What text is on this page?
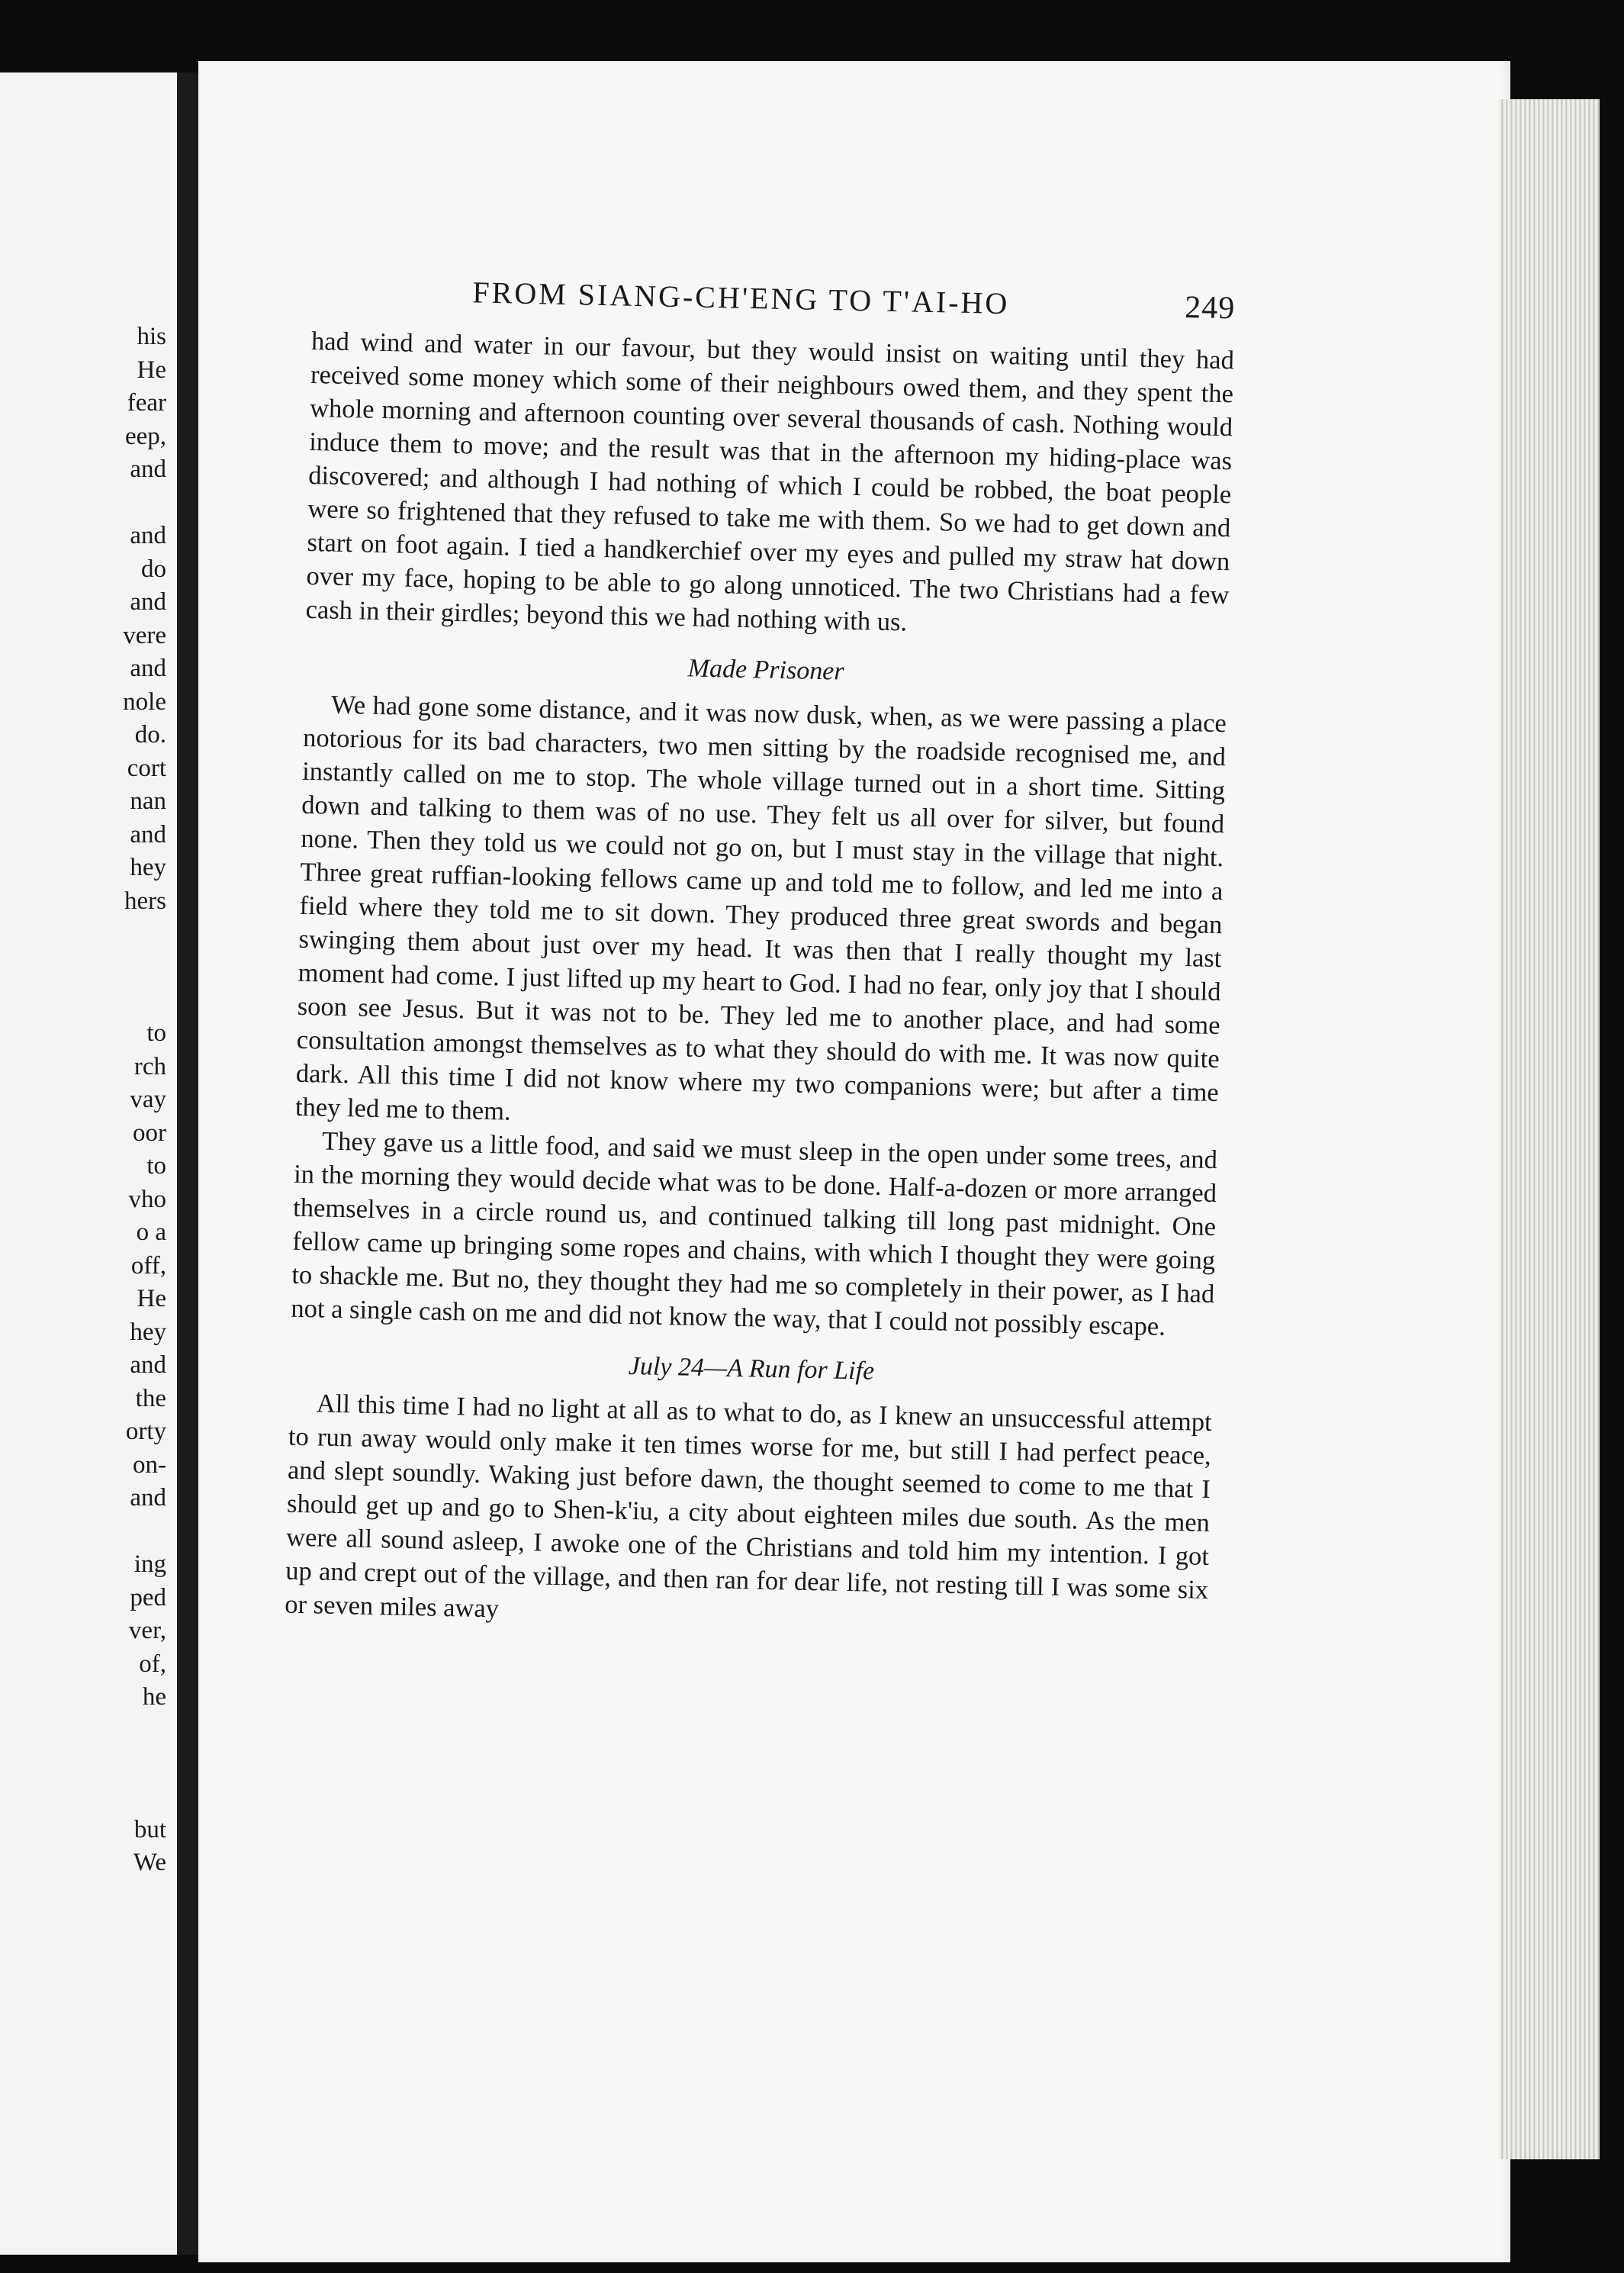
his
He
fear
eep,
and
and
do
and
vere
and
nole
do.
cort
nan
and
hey
hers
to
rch
vay
oor
to
vho
o a
off,
He
hey
and
the
orty
on-
and
ing
ped
ver,
of,
he
but
We
FROM SIANG-CH'ENG TO T'AI-HO	249

had wind and water in our favour, but they would insist on waiting until they had received some money which some of their neighbours owed them, and they spent the whole morning and afternoon counting over several thousands of cash. Nothing would induce them to move; and the result was that in the afternoon my hiding-place was discovered; and although I had nothing of which I could be robbed, the boat people were so frightened that they refused to take me with them. So we had to get down and start on foot again. I tied a handkerchief over my eyes and pulled my straw hat down over my face, hoping to be able to go along unnoticed. The two Christians had a few cash in their girdles; beyond this we had nothing with us.

Made Prisoner

We had gone some distance, and it was now dusk, when, as we were passing a place notorious for its bad characters, two men sitting by the roadside recognised me, and instantly called on me to stop. The whole village turned out in a short time. Sitting down and talking to them was of no use. They felt us all over for silver, but found none. Then they told us we could not go on, but I must stay in the village that night. Three great ruffian-looking fellows came up and told me to follow, and led me into a field where they told me to sit down. They produced three great swords and began swinging them about just over my head. It was then that I really thought my last moment had come. I just lifted up my heart to God. I had no fear, only joy that I should soon see Jesus. But it was not to be. They led me to another place, and had some consultation amongst themselves as to what they should do with me. It was now quite dark. All this time I did not know where my two companions were; but after a time they led me to them.

They gave us a little food, and said we must sleep in the open under some trees, and in the morning they would decide what was to be done. Half-a-dozen or more arranged themselves in a circle round us, and continued talking till long past midnight. One fellow came up bringing some ropes and chains, with which I thought they were going to shackle me. But no, they thought they had me so completely in their power, as I had not a single cash on me and did not know the way, that I could not possibly escape.

July 24—A Run for Life

All this time I had no light at all as to what to do, as I knew an unsuccessful attempt to run away would only make it ten times worse for me, but still I had perfect peace, and slept soundly. Waking just before dawn, the thought seemed to come to me that I should get up and go to Shen-k'iu, a city about eighteen miles due south. As the men were all sound asleep, I awoke one of the Christians and told him my intention. I got up and crept out of the village, and then ran for dear life, not resting till I was some six or seven miles away
